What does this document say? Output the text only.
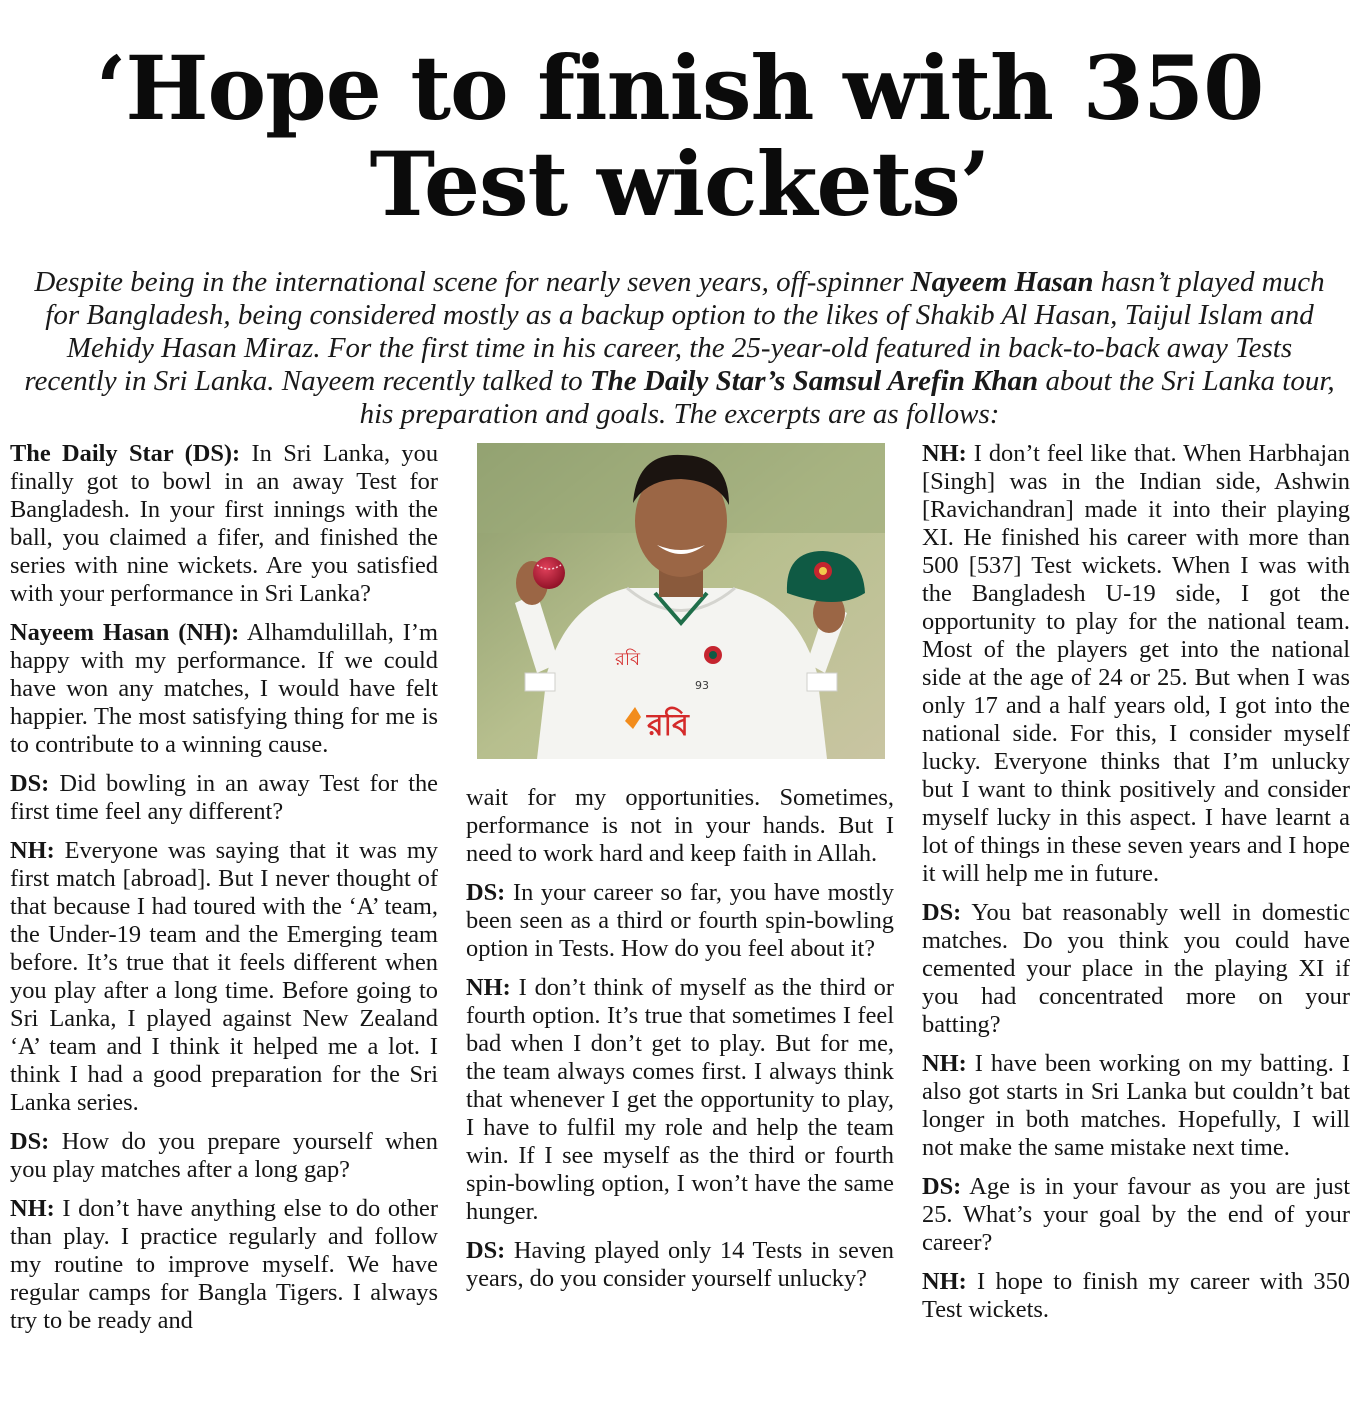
‘Hope to finish with 350
Test wickets’

Despite being in the international scene for nearly seven years, off-spinner Nayeem Hasan hasn’t played much for Bangladesh, being considered mostly as a backup option to the likes of Shakib Al Hasan, Taijul Islam and Mehidy Hasan Miraz. For the first time in his career, the 25-year-old featured in back-to-back away Tests recently in Sri Lanka. Nayeem recently talked to The Daily Star’s Samsul Arefin Khan about the Sri Lanka tour, his preparation and goals. The excerpts are as follows:

The Daily Star (DS): In Sri Lanka, you finally got to bowl in an away Test for Bangladesh. In your first innings with the ball, you claimed a fifer, and finished the series with nine wickets. Are you satisfied with your performance in Sri Lanka?

Nayeem Hasan (NH): Alhamdulillah, I’m happy with my performance. If we could have won any matches, I would have felt happier. The most satisfying thing for me is to contribute to a winning cause.

DS: Did bowling in an away Test for the first time feel any different?

NH: Everyone was saying that it was my first match [abroad]. But I never thought of that because I had toured with the ‘A’ team, the Under-19 team and the Emerging team before. It’s true that it feels different when you play after a long time. Before going to Sri Lanka, I played against New Zealand ‘A’ team and I think it helped me a lot. I think I had a good preparation for the Sri Lanka series.

DS: How do you prepare yourself when you play matches after a long gap?

NH: I don’t have anything else to do other than play. I practice regularly and follow my routine to improve myself. We have regular camps for Bangla Tigers. I always try to be ready and

রবি
রবি
93

wait for my opportunities. Sometimes, performance is not in your hands. But I need to work hard and keep faith in Allah.

DS: In your career so far, you have mostly been seen as a third or fourth spin-bowling option in Tests. How do you feel about it?

NH: I don’t think of myself as the third or fourth option. It’s true that sometimes I feel bad when I don’t get to play. But for me, the team always comes first. I always think that whenever I get the opportunity to play, I have to fulfil my role and help the team win. If I see myself as the third or fourth spin-bowling option, I won’t have the same hunger.

DS: Having played only 14 Tests in seven years, do you consider yourself unlucky?

NH: I don’t feel like that. When Harbhajan [Singh] was in the Indian side, Ashwin [Ravichandran] made it into their playing XI. He finished his career with more than 500 [537] Test wickets. When I was with the Bangladesh U-19 side, I got the opportunity to play for the national team. Most of the players get into the national side at the age of 24 or 25. But when I was only 17 and a half years old, I got into the national side. For this, I consider myself lucky. Everyone thinks that I’m unlucky but I want to think positively and consider myself lucky in this aspect. I have learnt a lot of things in these seven years and I hope it will help me in future.

DS: You bat reasonably well in domestic matches. Do you think you could have cemented your place in the playing XI if you had concentrated more on your batting?

NH: I have been working on my batting. I also got starts in Sri Lanka but couldn’t bat longer in both matches. Hopefully, I will not make the same mistake next time.

DS: Age is in your favour as you are just 25. What’s your goal by the end of your career?

NH: I hope to finish my career with 350 Test wickets.
